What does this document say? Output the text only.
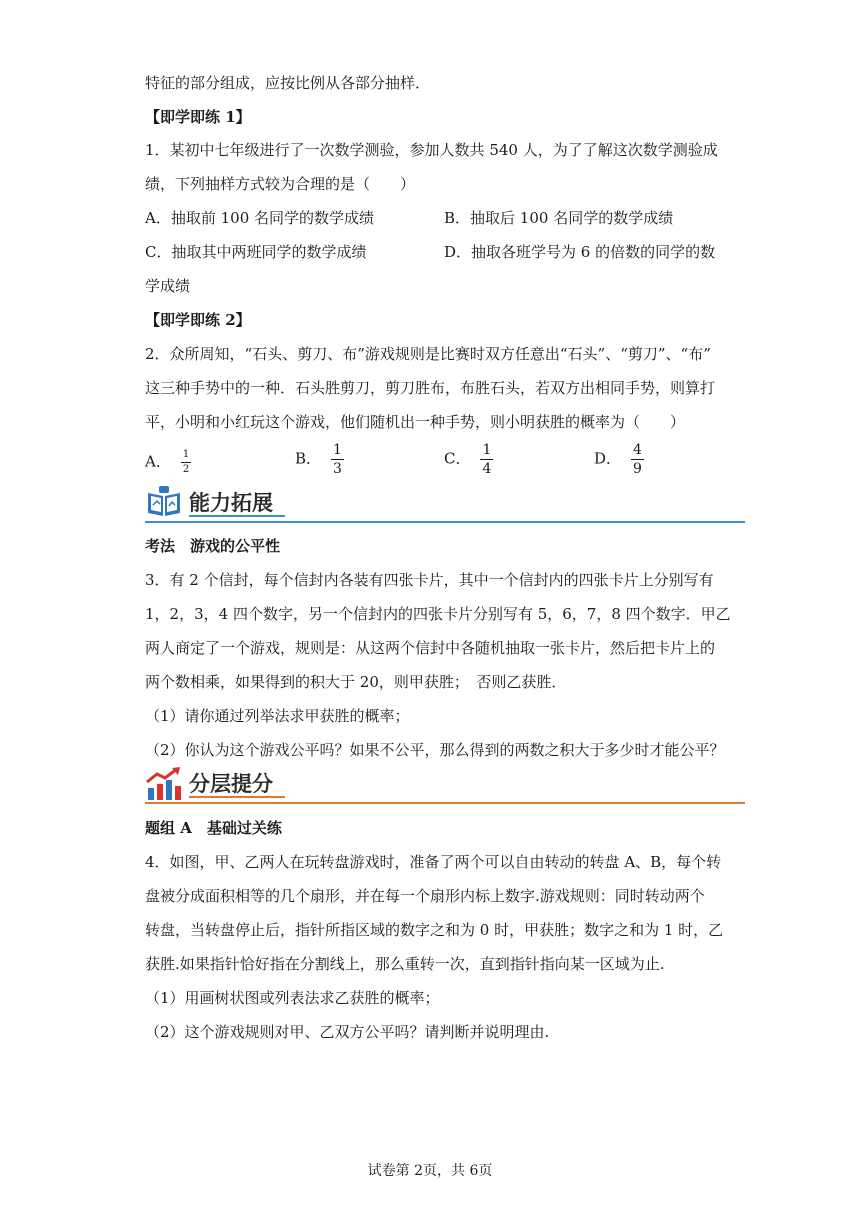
特征的部分组成，应按比例从各部分抽样．
【即学即练 1】
1．某初中七年级进行了一次数学测验，参加人数共 540 人，为了了解这次数学测验成
绩，下列抽样方式较为合理的是（　　）
A．抽取前 100 名同学的数学成绩	B．抽取后 100 名同学的数学成绩
C．抽取其中两班同学的数学成绩	D．抽取各班学号为 6 的倍数的同学的数
学成绩
【即学即练 2】
2．众所周知，“石头、剪刀、布”游戏规则是比赛时双方任意出“石头”、“剪刀”、“布”
这三种手势中的一种．石头胜剪刀，剪刀胜布，布胜石头，若双方出相同手势，则算打
平，小明和小红玩这个游戏，他们随机出一种手势，则小明获胜的概率为（　　）
A． $\frac{1}{2}$	B． $\frac{1}{3}$	C． $\frac{1}{4}$	D． $\frac{4}{9}$
能力拓展
考法　游戏的公平性
3．有 2 个信封，每个信封内各装有四张卡片，其中一个信封内的四张卡片上分别写有
1，2，3，4 四个数字，另一个信封内的四张卡片分别写有 5，6，7，8 四个数字．甲乙
两人商定了一个游戏，规则是：从这两个信封中各随机抽取一张卡片，然后把卡片上的
两个数相乘，如果得到的积大于 20，则甲获胜；　否则乙获胜．
（1）请你通过列举法求甲获胜的概率；
（2）你认为这个游戏公平吗？如果不公平，那么得到的两数之积大于多少时才能公平？
分层提分
题组 A　基础过关练
4．如图，甲、乙两人在玩转盘游戏时，准备了两个可以自由转动的转盘 A、B，每个转
盘被分成面积相等的几个扇形，并在每一个扇形内标上数字.游戏规则：同时转动两个
转盘，当转盘停止后，指针所指区域的数字之和为 0 时，甲获胜；数字之和为 1 时，乙
获胜.如果指针恰好指在分割线上，那么重转一次，直到指针指向某一区域为止.
（1）用画树状图或列表法求乙获胜的概率；
（2）这个游戏规则对甲、乙双方公平吗？请判断并说明理由.
试卷第 2页，共 6页
